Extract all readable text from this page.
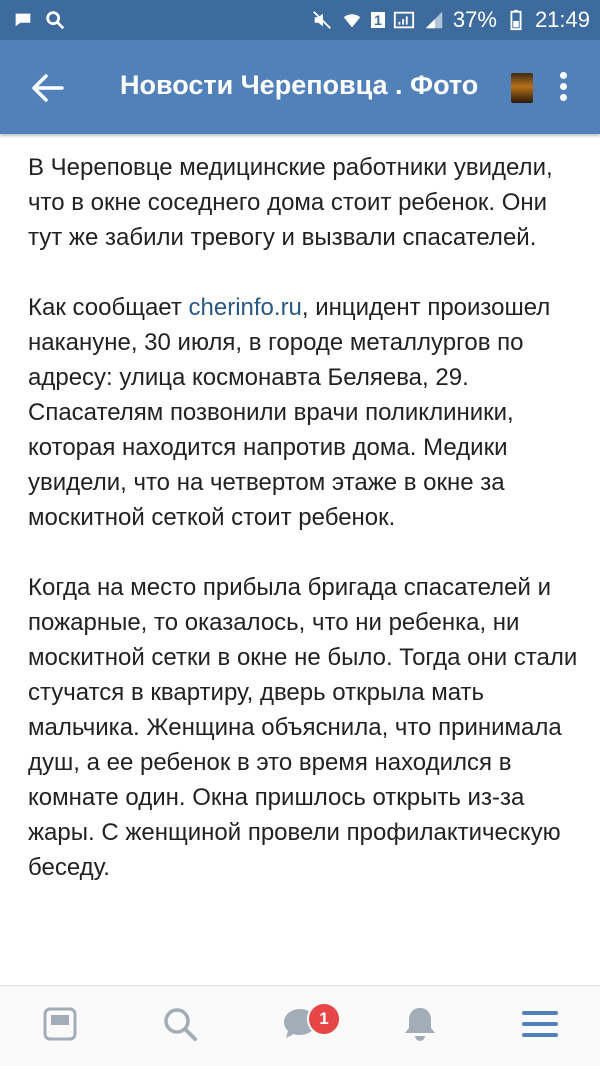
1	37% 21:49
Новости Череповца . Фото

В Череповце медицинские работники увидели, что в окне соседнего дома стоит ребенок. Они тут же забили тревогу и вызвали спасателей.

Как сообщает cherinfo.ru, инцидент произошел накануне, 30 июля, в городе металлургов по адресу: улица космонавта Беляева, 29. Спасателям позвонили врачи поликлиники, которая находится напротив дома. Медики увидели, что на четвертом этаже в окне за москитной сеткой стоит ребенок.

Когда на место прибыла бригада спасателей и пожарные, то оказалось, что ни ребенка, ни москитной сетки в окне не было. Тогда они стали стучатся в квартиру, дверь открыла мать мальчика. Женщина объяснила, что принимала душ, а ее ребенок в это время находился в комнате один. Окна пришлось открыть из-за жары. С женщиной провели профилактическую беседу.

1
